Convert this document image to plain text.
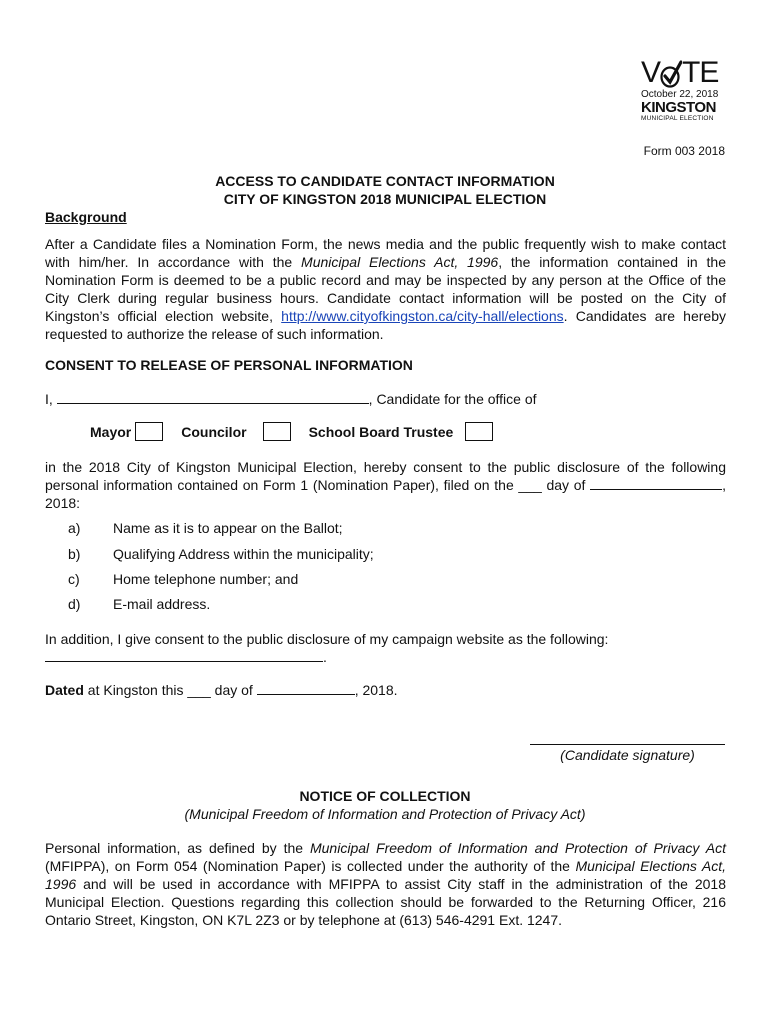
V TE
October 22, 2018
KINGSTON
MUNICIPAL ELECTION
Form 003 2018
ACCESS TO CANDIDATE CONTACT INFORMATION
CITY OF KINGSTON 2018 MUNICIPAL ELECTION
Background
After a Candidate files a Nomination Form, the news media and the public frequently wish to make contact with him/her. In accordance with the Municipal Elections Act, 1996, the information contained in the Nomination Form is deemed to be a public record and may be inspected by any person at the Office of the City Clerk during regular business hours. Candidate contact information will be posted on the City of Kingston’s official election website, http://www.cityofkingston.ca/city-hall/elections. Candidates are hereby requested to authorize the release of such information.
CONSENT TO RELEASE OF PERSONAL INFORMATION
I,	, Candidate for the office of
Mayor	Councilor	School Board Trustee
in the 2018 City of Kingston Municipal Election, hereby consent to the public disclosure of the following personal information contained on Form 1 (Nomination Paper), filed on the ___ day of	, 2018:
a) Name as it is to appear on the Ballot;
b) Qualifying Address within the municipality;
c) Home telephone number; and
d) E-mail address.
In addition, I give consent to the public disclosure of my campaign website as the following:
.
Dated at Kingston this ___ day of	, 2018.
(Candidate signature)
NOTICE OF COLLECTION
(Municipal Freedom of Information and Protection of Privacy Act)
Personal information, as defined by the Municipal Freedom of Information and Protection of Privacy Act (MFIPPA), on Form 054 (Nomination Paper) is collected under the authority of the Municipal Elections Act, 1996 and will be used in accordance with MFIPPA to assist City staff in the administration of the 2018 Municipal Election. Questions regarding this collection should be forwarded to the Returning Officer, 216 Ontario Street, Kingston, ON K7L 2Z3 or by telephone at (613) 546-4291 Ext. 1247.
